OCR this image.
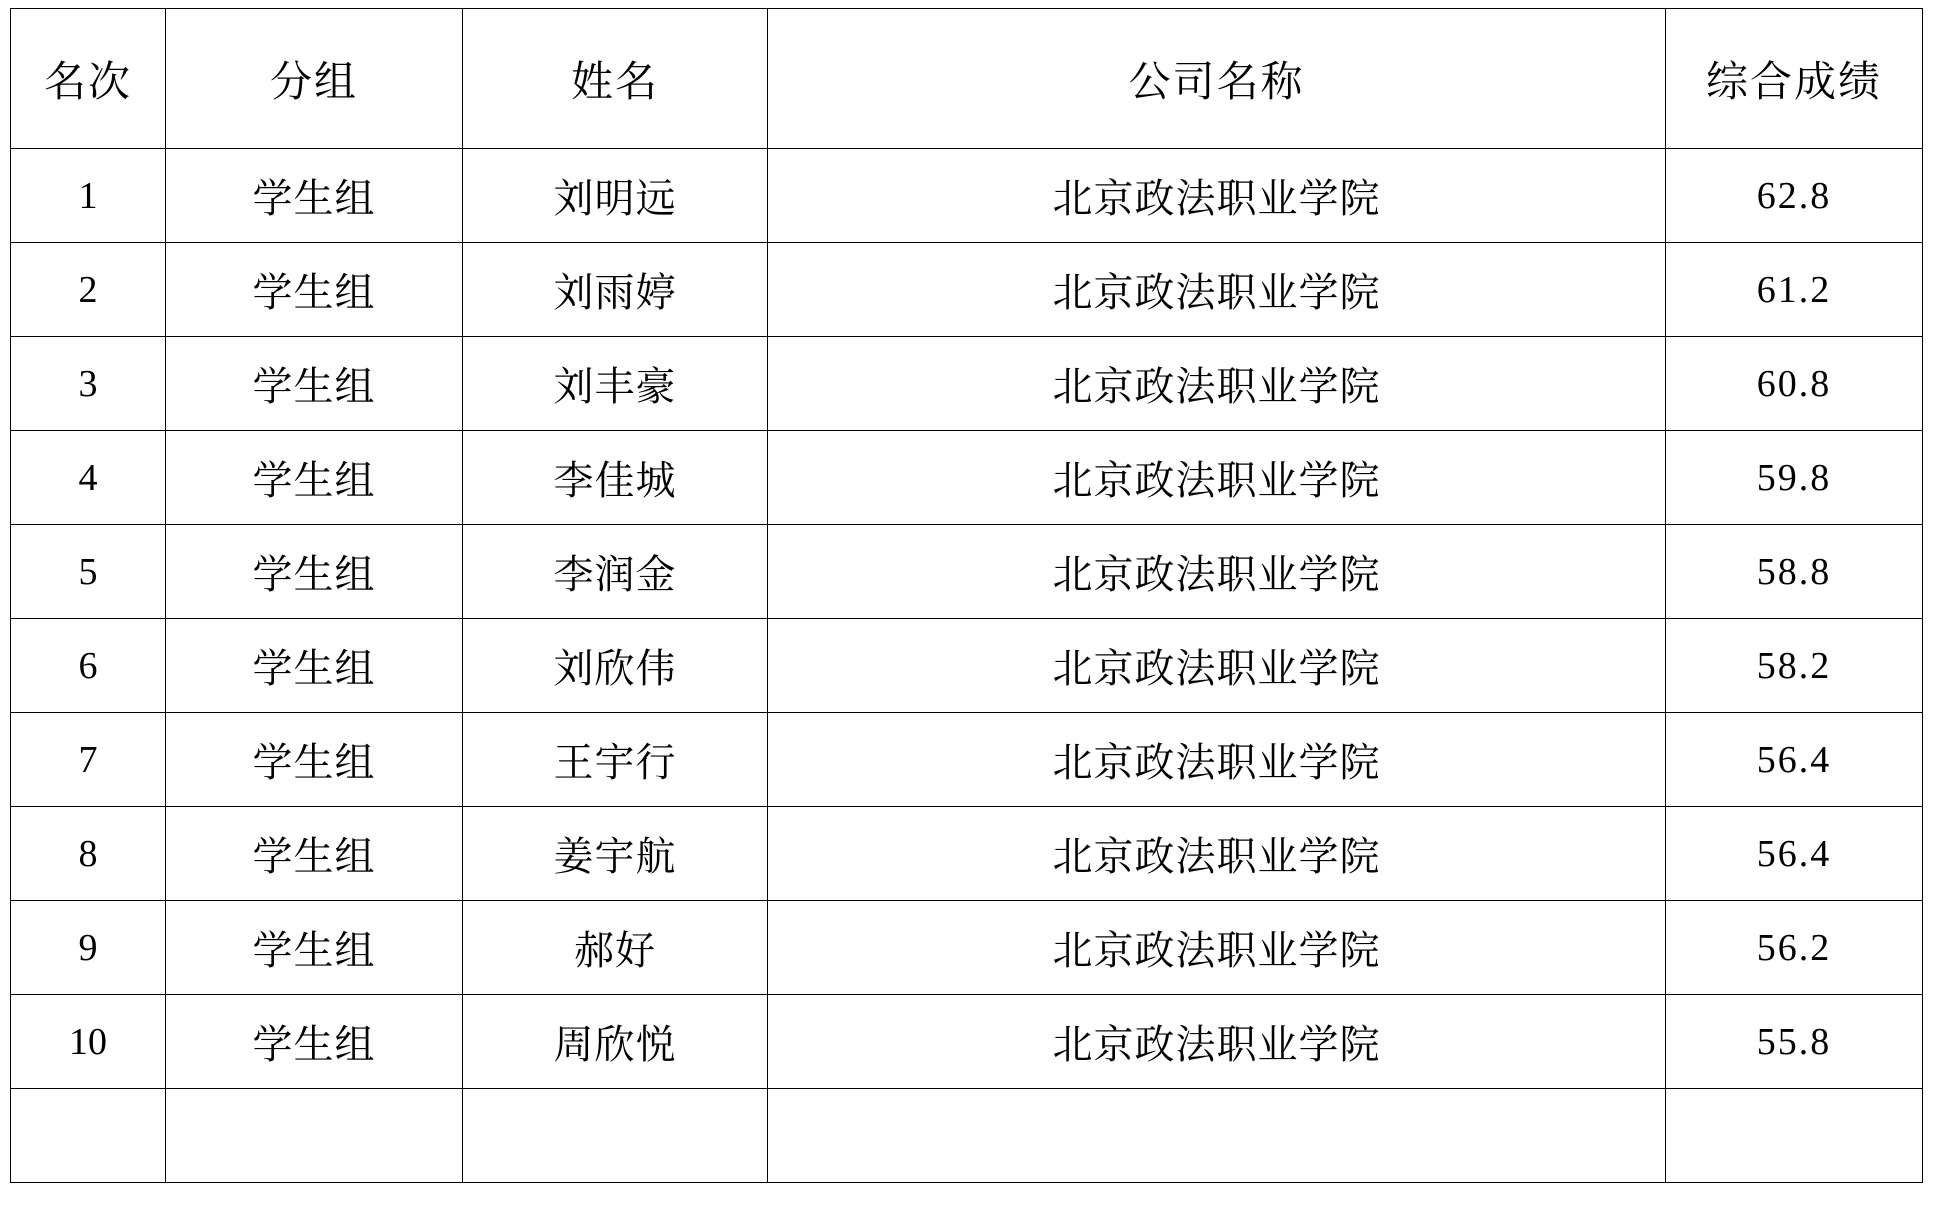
名次	分组	姓名	公司名称	综合成绩
1	学生组	刘明远	北京政法职业学院	62.8
2	学生组	刘雨婷	北京政法职业学院	61.2
3	学生组	刘丰豪	北京政法职业学院	60.8
4	学生组	李佳城	北京政法职业学院	59.8
5	学生组	李润金	北京政法职业学院	58.8
6	学生组	刘欣伟	北京政法职业学院	58.2
7	学生组	王宇行	北京政法职业学院	56.4
8	学生组	姜宇航	北京政法职业学院	56.4
9	学生组	郝好	北京政法职业学院	56.2
10	学生组	周欣悦	北京政法职业学院	55.8
